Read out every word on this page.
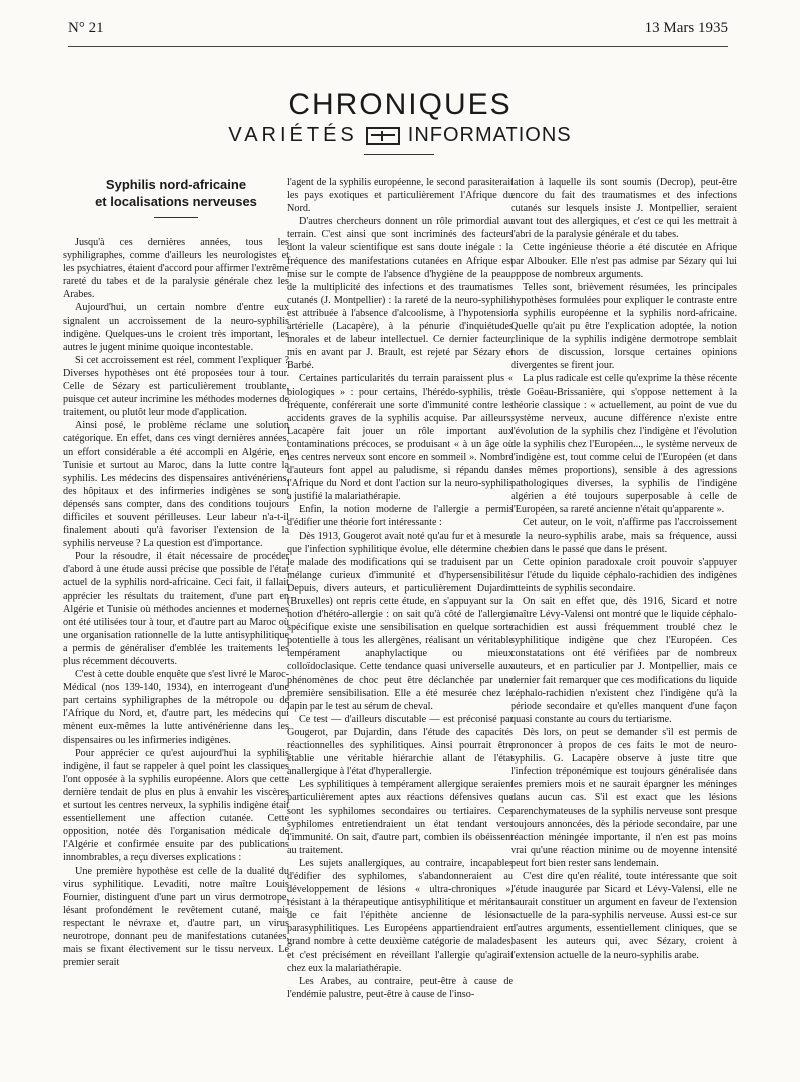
N° 21	13 Mars 1935
CHRONIQUES
VARIÉTÉS	INFORMATIONS
Syphilis nord-africaine
et localisations nerveuses

Jusqu'à ces dernières années, tous les syphiligraphes, comme d'ailleurs les neurologistes et les psychiatres, étaient d'accord pour affirmer l'extrême rareté du tabes et de la paralysie générale chez les Arabes.

Aujourd'hui, un certain nombre d'entre eux signalent un accroissement de la neuro-syphilis indigène. Quelques-uns le croient très important, les autres le jugent minime quoique incontestable.

Si cet accroissement est réel, comment l'expliquer ? Diverses hypothèses ont été proposées tour à tour. Celle de Sézary est particulièrement troublante, puisque cet auteur incrimine les méthodes modernes de traitement, ou plutôt leur mode d'application.

Ainsi posé, le problème réclame une solution catégorique. En effet, dans ces vingt dernières années, un effort considérable a été accompli en Algérie, en Tunisie et surtout au Maroc, dans la lutte contre la syphilis. Les médecins des dispensaires antivénériens, des hôpitaux et des infirmeries indigènes se sont dépensés sans compter, dans des conditions toujours difficiles et souvent périlleuses. Leur labeur n'a-t-il finalement abouti qu'à favoriser l'extension de la syphilis nerveuse ? La question est d'importance.

Pour la résoudre, il était nécessaire de procéder d'abord à une étude aussi précise que possible de l'état actuel de la syphilis nord-africaine. Ceci fait, il fallait apprécier les résultats du traitement, d'une part en Algérie et Tunisie où méthodes anciennes et modernes ont été utilisées tour à tour, et d'autre part au Maroc où une organisation rationnelle de la lutte antisyphilitique a permis de généraliser d'emblée les traitements les plus récemment découverts.

C'est à cette double enquête que s'est livré le Maroc-Médical (nos 139-140, 1934), en interrogeant d'une part certains syphiligraphes de la métropole ou de l'Afrique du Nord, et, d'autre part, les médecins qui mènent eux-mêmes la lutte antivénérienne dans les dispensaires ou les infirmeries indigènes.

Pour apprécier ce qu'est aujourd'hui la syphilis indigène, il faut se rappeler à quel point les classiques l'ont opposée à la syphilis européenne. Alors que cette dernière tendait de plus en plus à envahir les viscères et surtout les centres nerveux, la syphilis indigène était essentiellement une affection cutanée. Cette opposition, notée dès l'organisation médicale de l'Algérie et confirmée ensuite par des publications innombrables, a reçu diverses explications :

Une première hypothèse est celle de la dualité du virus syphilitique. Levaditi, notre maître Louis Fournier, distinguent d'une part un virus dermotrope, lésant profondément le revêtement cutané, mais respectant le névraxe et, d'autre part, un virus neurotrope, donnant peu de manifestations cutanées, mais se fixant électivement sur le tissu nerveux. Le premier serait

l'agent de la syphilis européenne, le second parasiterait les pays exotiques et particulièrement l'Afrique du Nord.

D'autres chercheurs donnent un rôle primordial au terrain. C'est ainsi que sont incriminés des facteurs dont la valeur scientifique est sans doute inégale : la fréquence des manifestations cutanées en Afrique est mise sur le compte de l'absence d'hygiène de la peau, de la multiplicité des infections et des traumatismes cutanés (J. Montpellier) : la rareté de la neuro-syphilis est attribuée à l'absence d'alcoolisme, à l'hypotension artérielle (Lacapère), à la pénurie d'inquiétudes morales et de labeur intellectuel. Ce dernier facteur, mis en avant par J. Brault, est rejeté par Sézary et Barbé.

Certaines particularités du terrain paraissent plus « biologiques » : pour certains, l'hérédo-syphilis, très fréquente, conférerait une sorte d'immunité contre les accidents graves de la syphilis acquise. Par ailleurs, Lacapère fait jouer un rôle important aux contaminations précoces, se produisant « à un âge où les centres nerveux sont encore en sommeil ». Nombre d'auteurs font appel au paludisme, si répandu dans l'Afrique du Nord et dont l'action sur la neuro-syphilis a justifié la malariathérapie.

Enfin, la notion moderne de l'allergie a permis d'édifier une théorie fort intéressante :

Dès 1913, Gougerot avait noté qu'au fur et à mesure que l'infection syphilitique évolue, elle détermine chez le malade des modifications qui se traduisent par un mélange curieux d'immunité et d'hypersensibilité. Depuis, divers auteurs, et particulièrement Dujardin (Bruxelles) ont repris cette étude, en s'appuyant sur la notion d'hétéro-allergie : on sait qu'à côté de l'allergie spécifique existe une sensibilisation en quelque sorte potentielle à tous les allergènes, réalisant un véritable tempérament anaphylactique ou mieux colloïdoclasique. Cette tendance quasi universelle aux phénomènes de choc peut être déclanchée par une première sensibilisation. Elle a été mesurée chez le lapin par le test au sérum de cheval.

Ce test — d'ailleurs discutable — est préconisé par Gougerot, par Dujardin, dans l'étude des capacités réactionnelles des syphilitiques. Ainsi pourrait être établie une véritable hiérarchie allant de l'état anallergique à l'état d'hyperallergie.

Les syphilitiques à tempérament allergique seraient particulièrement aptes aux réactions défensives que sont les syphilomes secondaires ou tertiaires. Ces syphilomes entretiendraient un état tendant vers l'immunité. On sait, d'autre part, combien ils obéissent au traitement.

Les sujets anallergiques, au contraire, incapables d'édifier des syphilomes, s'abandonneraient au développement de lésions « ultra-chroniques », résistant à la thérapeutique antisyphilitique et méritant de ce fait l'épithète ancienne de lésions parasyphilitiques. Les Européens appartiendraient en grand nombre à cette deuxième catégorie de malades, et c'est précisément en réveillant l'allergie qu'agirait chez eux la malariathérapie.

Les Arabes, au contraire, peut-être à cause de l'endémie palustre, peut-être à cause de l'inso-

lation à laquelle ils sont soumis (Decrop), peut-être encore du fait des traumatismes et des infections cutanés sur lesquels insiste J. Montpellier, seraient avant tout des allergiques, et c'est ce qui les mettrait à l'abri de la paralysie générale et du tabes.

Cette ingénieuse théorie a été discutée en Afrique par Albouker. Elle n'est pas admise par Sézary qui lui oppose de nombreux arguments.

Telles sont, brièvement résumées, les principales hypothèses formulées pour expliquer le contraste entre la syphilis européenne et la syphilis nord-africaine. Quelle qu'ait pu être l'explication adoptée, la notion clinique de la syphilis indigène dermotrope semblait hors de discussion, lorsque certaines opinions divergentes se firent jour.

La plus radicale est celle qu'exprime la thèse récente de Goëau-Brissanière, qui s'oppose nettement à la théorie classique : « actuellement, au point de vue du système nerveux, aucune différence n'existe entre l'évolution de la syphilis chez l'indigène et l'évolution de la syphilis chez l'Européen..., le système nerveux de l'indigène est, tout comme celui de l'Européen (et dans les mêmes proportions), sensible à des agressions pathologiques diverses, la syphilis de l'indigène algérien a été toujours superposable à celle de l'Européen, sa rareté ancienne n'était qu'apparente ».

Cet auteur, on le voit, n'affirme pas l'accroissement de la neuro-syphilis arabe, mais sa fréquence, aussi bien dans le passé que dans le présent.

Cette opinion paradoxale croit pouvoir s'appuyer sur l'étude du liquide céphalo-rachidien des indigènes atteints de syphilis secondaire.

On sait en effet que, dès 1916, Sicard et notre maître Lévy-Valensi ont montré que le liquide céphalo-rachidien est aussi fréquemment troublé chez le syphilitique indigène que chez l'Européen. Ces constatations ont été vérifiées par de nombreux auteurs, et en particulier par J. Montpellier, mais ce dernier fait remarquer que ces modifications du liquide céphalo-rachidien n'existent chez l'indigène qu'à la période secondaire et qu'elles manquent d'une façon quasi constante au cours du tertiarisme.

Dès lors, on peut se demander s'il est permis de prononcer à propos de ces faits le mot de neuro-syphilis. G. Lacapère observe à juste titre que l'infection tréponémique est toujours généralisée dans les premiers mois et ne saurait épargner les méninges dans aucun cas. S'il est exact que les lésions parenchymateuses de la syphilis nerveuse sont presque toujours annoncées, dès la période secondaire, par une réaction méningée importante, il n'en est pas moins vrai qu'une réaction minime ou de moyenne intensité peut fort bien rester sans lendemain.

C'est dire qu'en réalité, toute intéressante que soit l'étude inaugurée par Sicard et Lévy-Valensi, elle ne saurait constituer un argument en faveur de l'extension actuelle de la para-syphilis nerveuse. Aussi est-ce sur d'autres arguments, essentiellement cliniques, que se basent les auteurs qui, avec Sézary, croient à l'extension actuelle de la neuro-syphilis arabe.
